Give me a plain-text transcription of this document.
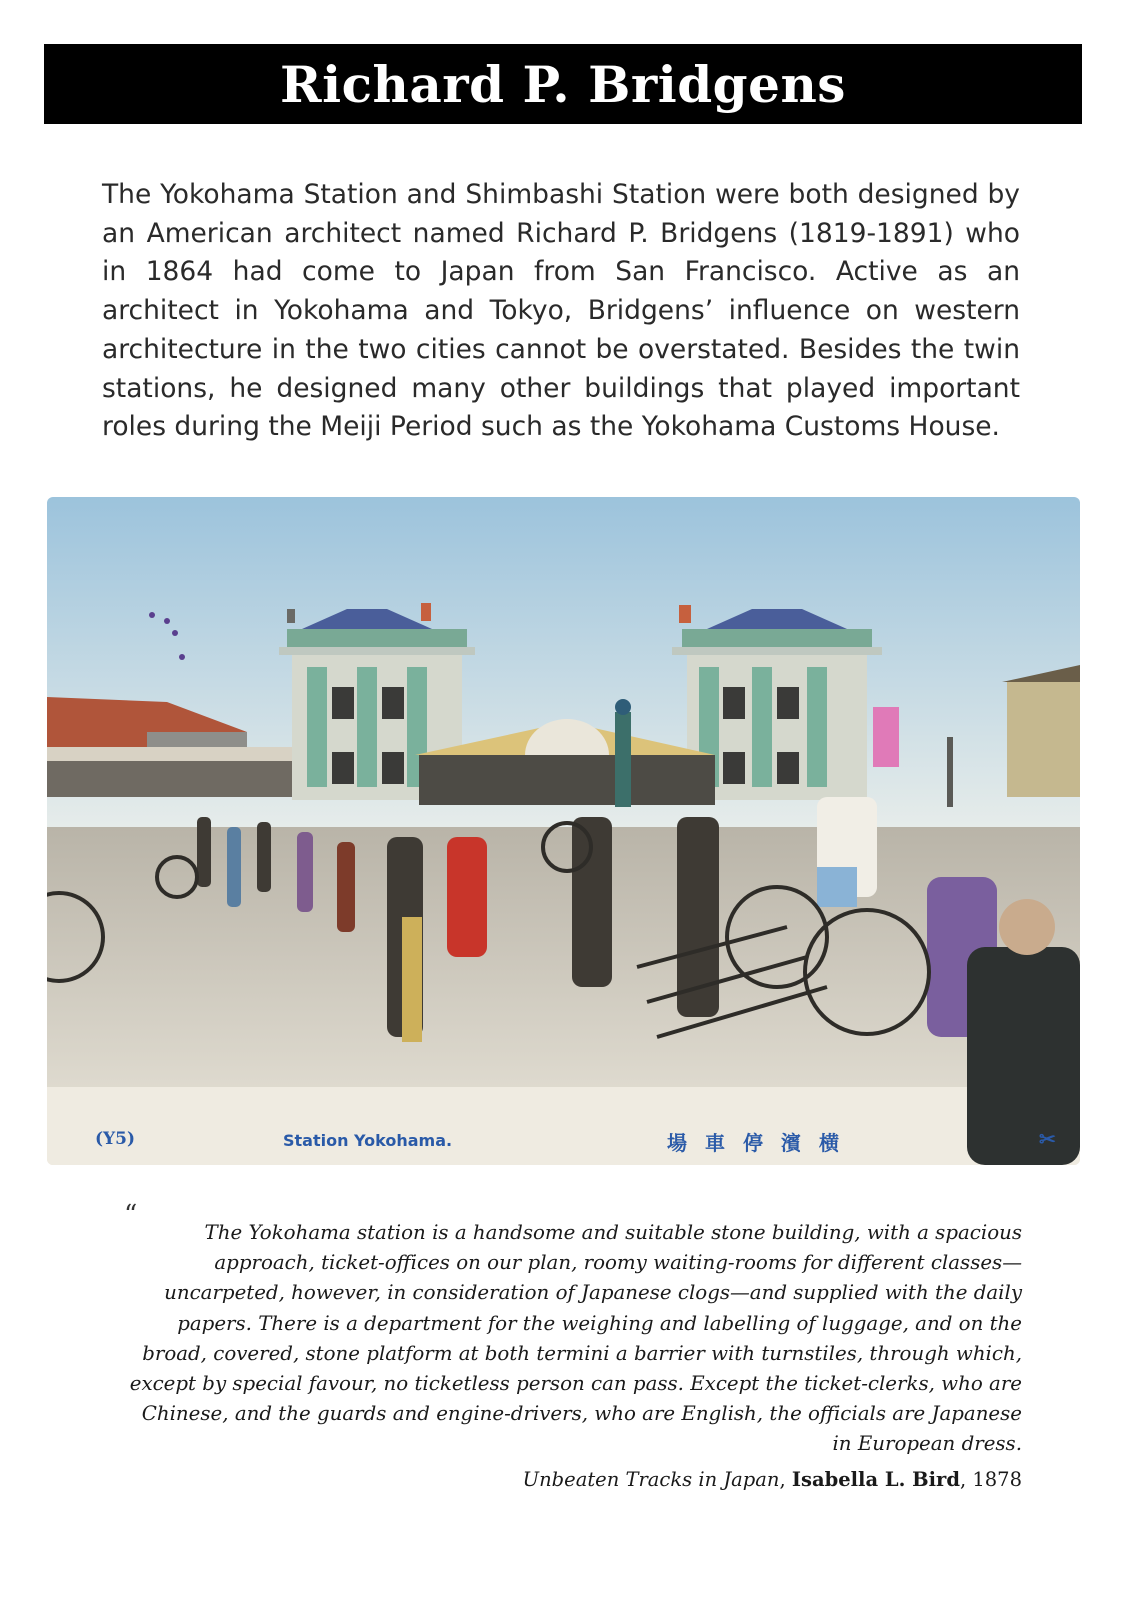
Richard P. Bridgens

The Yokohama Station and Shimbashi Station were both designed by an American architect named Richard P. Bridgens (1819-1891) who in 1864 had come to Japan from San Francisco. Active as an architect in Yokohama and Tokyo, Bridgens’ influence on western architecture in the two cities cannot be overstated. Besides the twin stations, he designed many other buildings that played important roles during the Meiji Period such as the Yokohama Customs House.

(Y5)	Station Yokohama.	場車停濱横	✂
“

The Yokohama station is a handsome and suitable stone building, with a spacious approach, ticket-offices on our plan, roomy waiting-rooms for different classes—uncarpeted, however, in consideration of Japanese clogs—and supplied with the daily papers. There is a department for the weighing and labelling of luggage, and on the broad, covered, stone platform at both termini a barrier with turnstiles, through which, except by special favour, no ticketless person can pass. Except the ticket-clerks, who are Chinese, and the guards and engine-drivers, who are English, the officials are Japanese in European dress.

Unbeaten Tracks in Japan, Isabella L. Bird, 1878
